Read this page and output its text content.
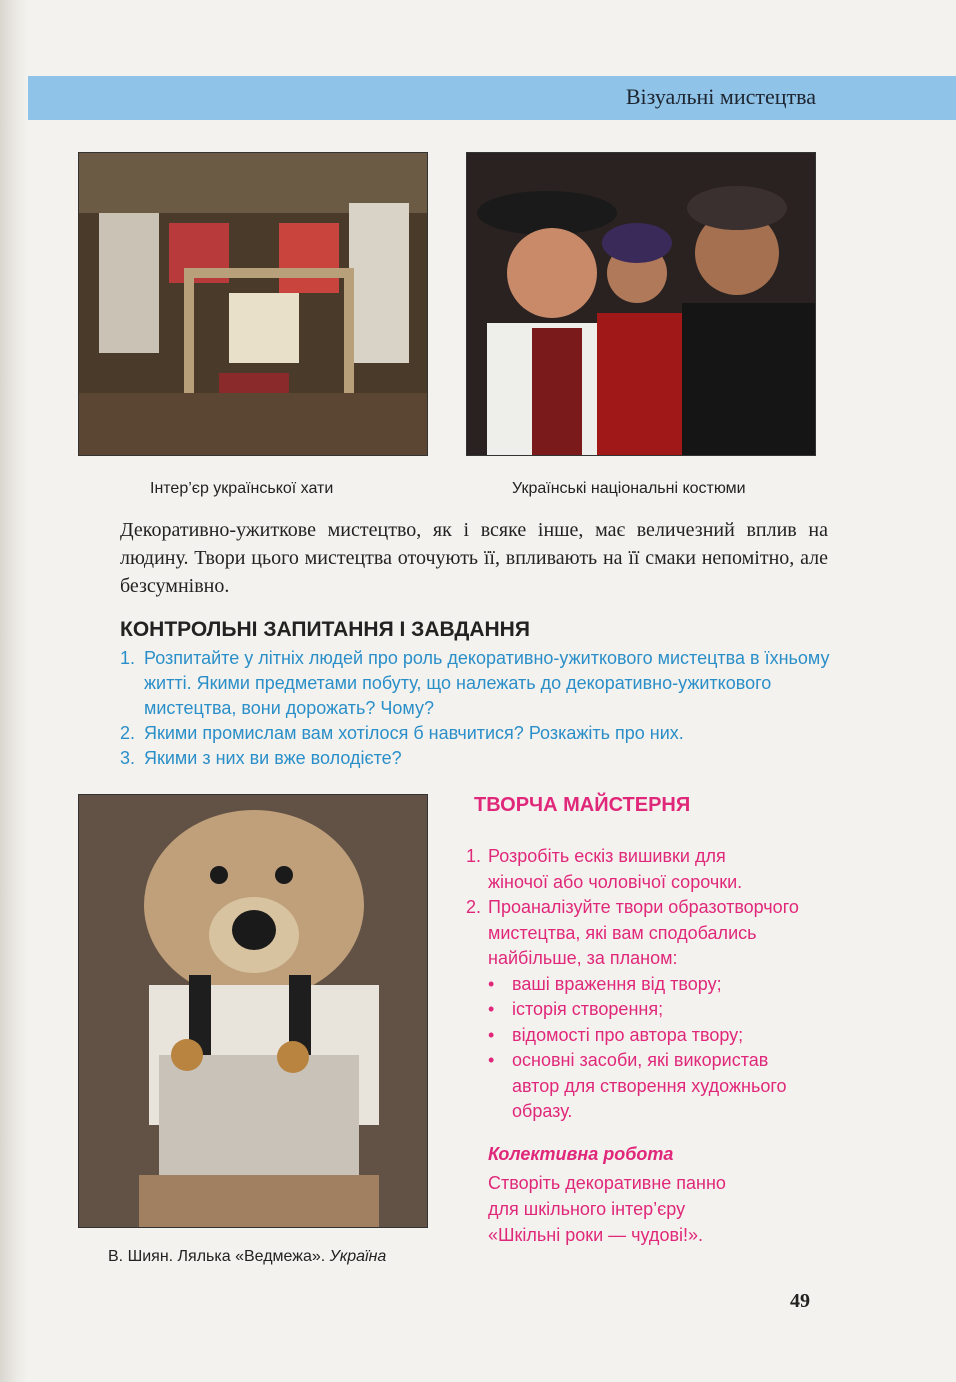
Візуальні мистецтва
Інтер’єр української хати	Українські національні костюми
Декоративно-ужиткове мистецтво, як і всяке інше, має величезний вплив на людину. Твори цього мистецтва оточують її, впливають на її смаки непомітно, але безсумнівно.
КОНТРОЛЬНІ ЗАПИТАННЯ І ЗАВДАННЯ
1. Розпитайте у літніх людей про роль декоративно-ужиткового мистецтва в їхньому житті. Якими предметами побуту, що належать до декоративно-ужиткового мистецтва, вони дорожать? Чому?
2. Якими промислам вам хотілося б навчитися? Розкажіть про них.
3. Якими з них ви вже володієте?
ТВОРЧА МАЙСТЕРНЯ
1. Розробіть ескіз вишивки для жіночої або чоловічої сорочки.
2. Проаналізуйте твори образотворчого мистецтва, які вам сподобались найбільше, за планом:
• ваші враження від твору;
• історія створення;
• відомості про автора твору;
• основні засоби, які використав автор для створення художнього образу.
Колективна робота
Створіть декоративне панно для шкільного інтер’єру «Шкільні роки — чудові!».
В. Шиян. Лялька «Ведмежа». Україна
49
